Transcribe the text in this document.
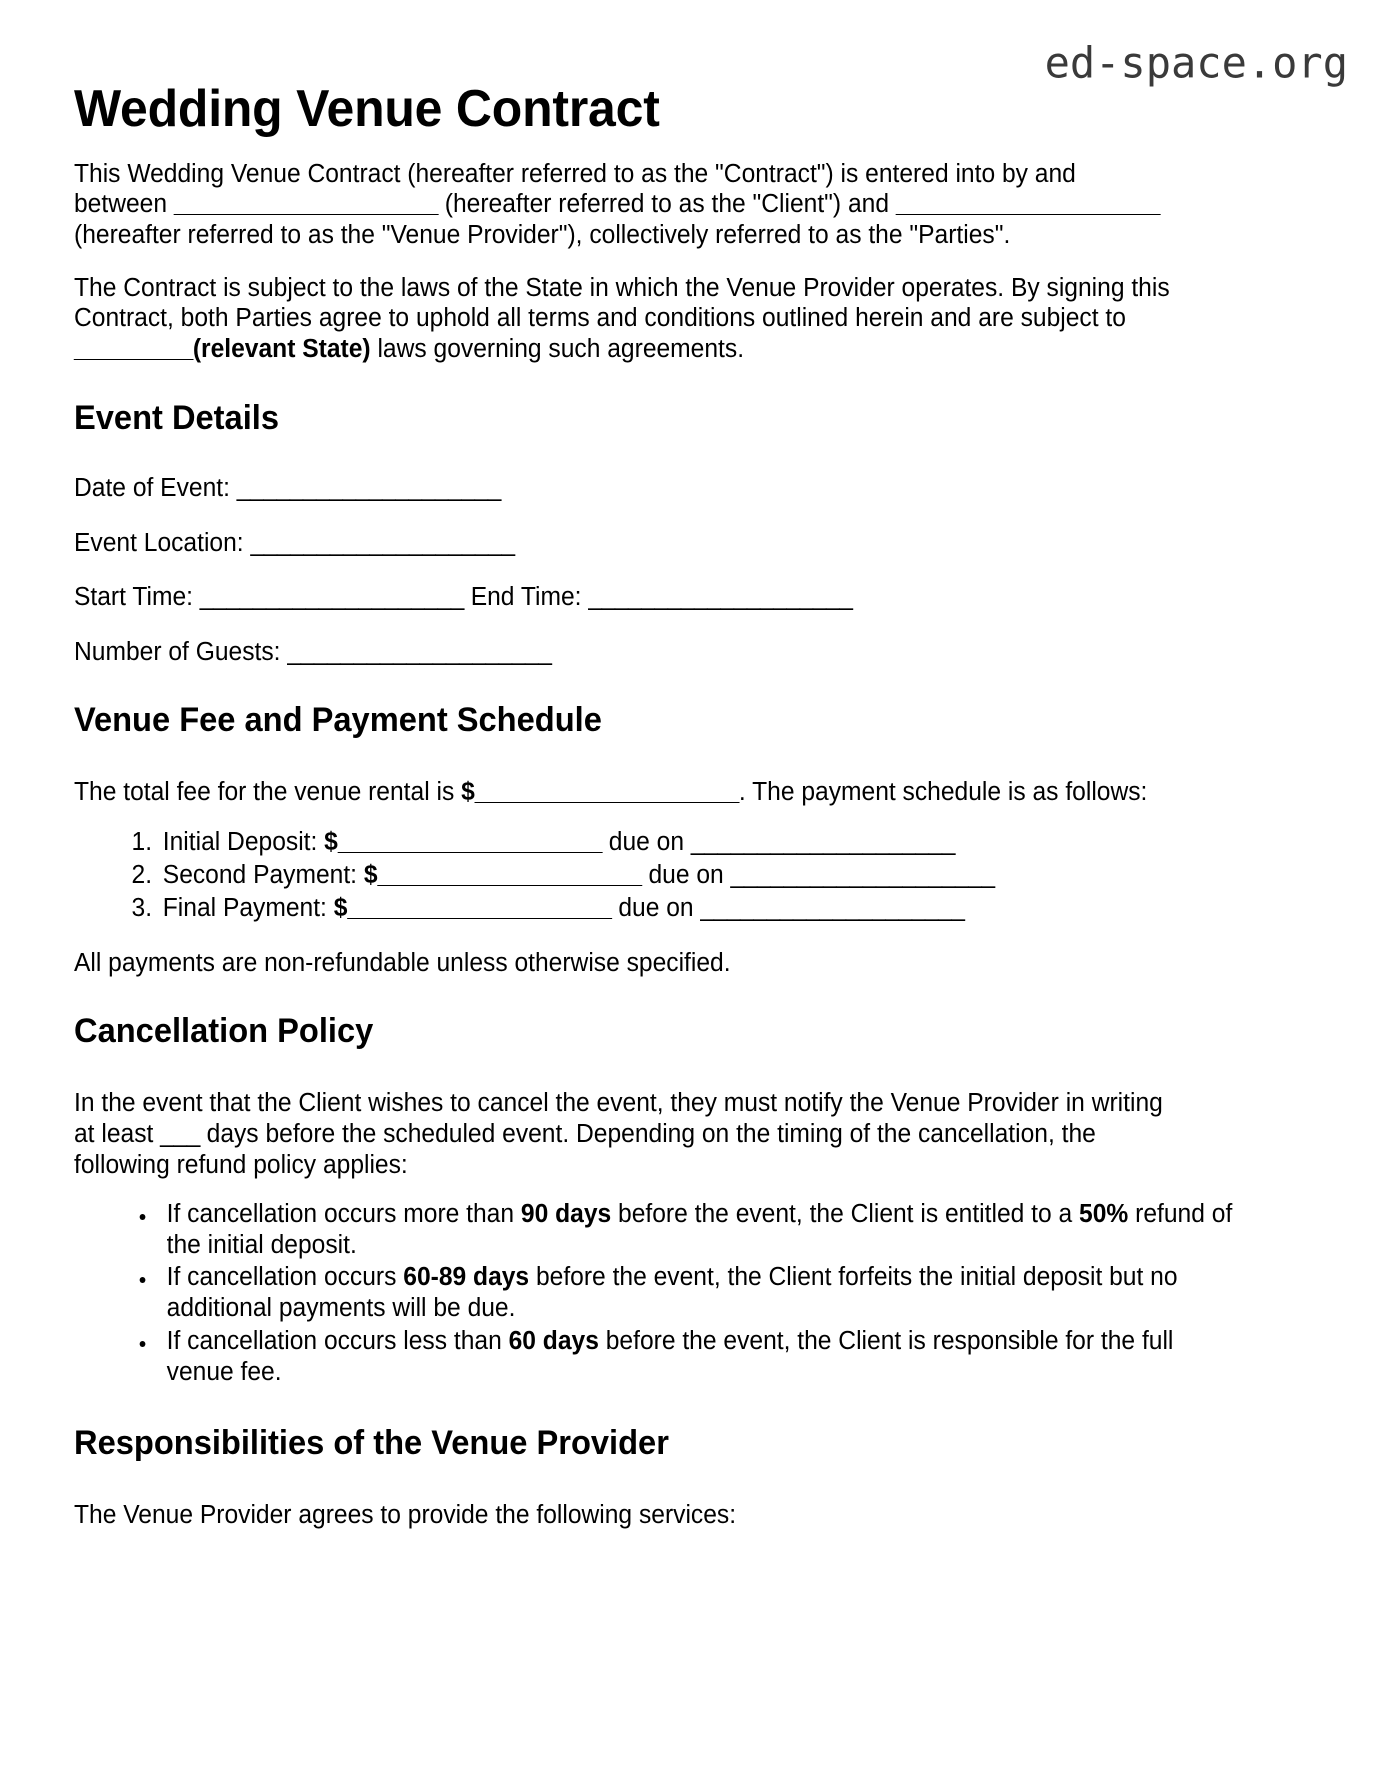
ed-space.org
Wedding Venue Contract

This Wedding Venue Contract (hereafter referred to as the "Contract") is entered into by and between ____________________ (hereafter referred to as the "Client") and ____________________ (hereafter referred to as the "Venue Provider"), collectively referred to as the "Parties".

The Contract is subject to the laws of the State in which the Venue Provider operates. By signing this Contract, both Parties agree to uphold all terms and conditions outlined herein and are subject to _________(relevant State) laws governing such agreements.

Event Details

Date of Event: ____________________

Event Location: ____________________

Start Time: ____________________ End Time: ____________________

Number of Guests: ____________________

Venue Fee and Payment Schedule

The total fee for the venue rental is $____________________. The payment schedule is as follows:

1. Initial Deposit: $____________________ due on ____________________
2. Second Payment: $____________________ due on ____________________
3. Final Payment: $____________________ due on ____________________

All payments are non-refundable unless otherwise specified.

Cancellation Policy

In the event that the Client wishes to cancel the event, they must notify the Venue Provider in writing at least ___ days before the scheduled event. Depending on the timing of the cancellation, the following refund policy applies:

• If cancellation occurs more than 90 days before the event, the Client is entitled to a 50% refund of the initial deposit.
• If cancellation occurs 60-89 days before the event, the Client forfeits the initial deposit but no additional payments will be due.
• If cancellation occurs less than 60 days before the event, the Client is responsible for the full venue fee.
Responsibilities of the Venue Provider

The Venue Provider agrees to provide the following services:
